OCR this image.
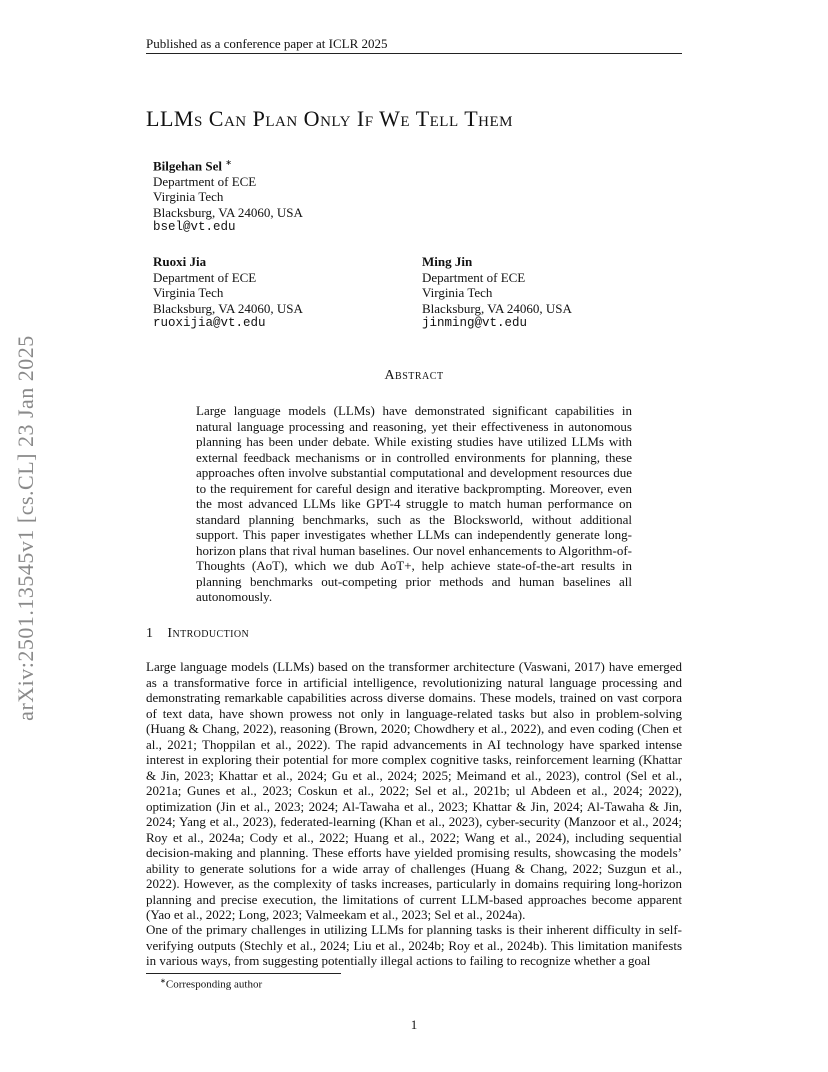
Published as a conference paper at ICLR 2025
LLMs Can Plan Only If We Tell Them
Bilgehan Sel ∗
Department of ECE
Virginia Tech
Blacksburg, VA 24060, USA
bsel@vt.edu
Ruoxi Jia
Department of ECE
Virginia Tech
Blacksburg, VA 24060, USA
ruoxijia@vt.edu
Ming Jin
Department of ECE
Virginia Tech
Blacksburg, VA 24060, USA
jinming@vt.edu
arXiv:2501.13545v1 [cs.CL] 23 Jan 2025	Abstract
Large language models (LLMs) have demonstrated significant capabilities in natural language processing and reasoning, yet their effectiveness in autonomous planning has been under debate. While existing studies have utilized LLMs with external feedback mechanisms or in controlled environments for planning, these approaches often involve substantial computational and development resources due to the requirement for careful design and iterative backprompting. Moreover, even the most advanced LLMs like GPT-4 struggle to match human performance on standard planning benchmarks, such as the Blocksworld, without additional support. This paper investigates whether LLMs can independently generate long-horizon plans that rival human baselines. Our novel enhancements to Algorithm-of-Thoughts (AoT), which we dub AoT+, help achieve state-of-the-art results in planning benchmarks out-competing prior methods and human baselines all autonomously.
1 Introduction
Large language models (LLMs) based on the transformer architecture (Vaswani, 2017) have emerged as a transformative force in artificial intelligence, revolutionizing natural language processing and demonstrating remarkable capabilities across diverse domains. These models, trained on vast corpora of text data, have shown prowess not only in language-related tasks but also in problem-solving (Huang & Chang, 2022), reasoning (Brown, 2020; Chowdhery et al., 2022), and even coding (Chen et al., 2021; Thoppilan et al., 2022). The rapid advancements in AI technology have sparked intense interest in exploring their potential for more complex cognitive tasks, reinforcement learning (Khattar & Jin, 2023; Khattar et al., 2024; Gu et al., 2024; 2025; Meimand et al., 2023), control (Sel et al., 2021a; Gunes et al., 2023; Coskun et al., 2022; Sel et al., 2021b; ul Abdeen et al., 2024; 2022), optimization (Jin et al., 2023; 2024; Al-Tawaha et al., 2023; Khattar & Jin, 2024; Al-Tawaha & Jin, 2024; Yang et al., 2023), federated-learning (Khan et al., 2023), cyber-security (Manzoor et al., 2024; Roy et al., 2024a; Cody et al., 2022; Huang et al., 2022; Wang et al., 2024), including sequential decision-making and planning. These efforts have yielded promising results, showcasing the models’ ability to generate solutions for a wide array of challenges (Huang & Chang, 2022; Suzgun et al., 2022). However, as the complexity of tasks increases, particularly in domains requiring long-horizon planning and precise execution, the limitations of current LLM-based approaches become apparent (Yao et al., 2022; Long, 2023; Valmeekam et al., 2023; Sel et al., 2024a).
One of the primary challenges in utilizing LLMs for planning tasks is their inherent difficulty in self-verifying outputs (Stechly et al., 2024; Liu et al., 2024b; Roy et al., 2024b). This limitation manifests in various ways, from suggesting potentially illegal actions to failing to recognize whether a goal
∗Corresponding author
1
